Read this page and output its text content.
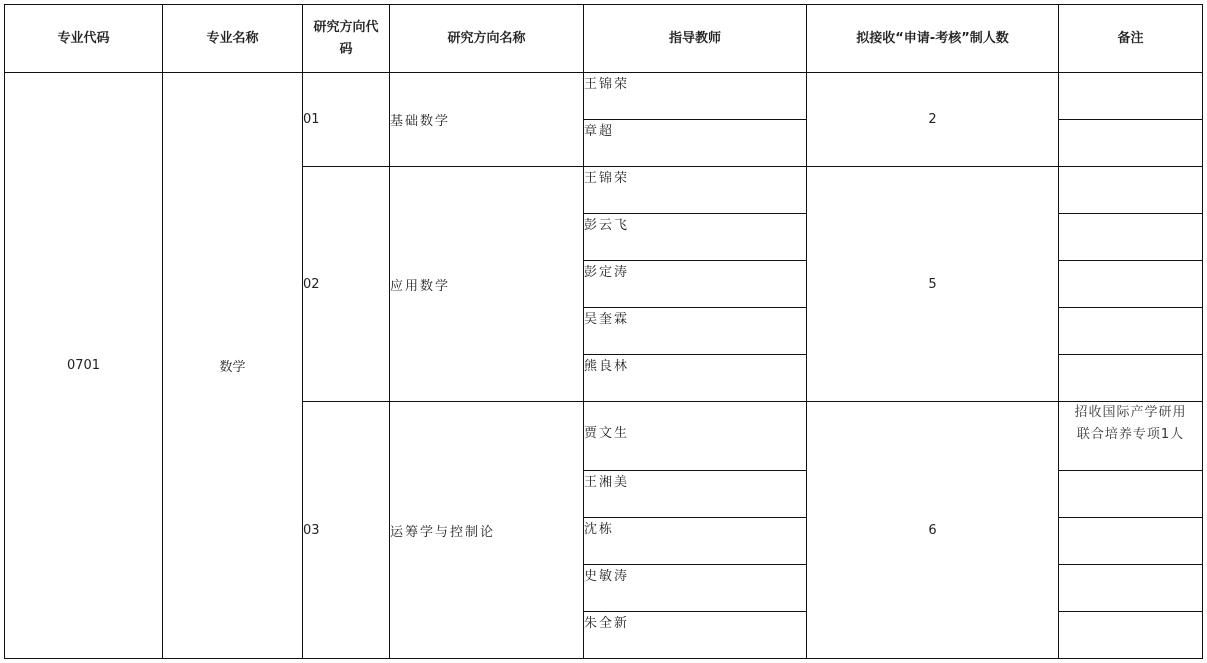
专业代码	专业名称	研究方向代码	研究方向名称	指导教师	拟接收“申请-考核”制人数	备注
0701	数学	01	基础数学	王锦荣	2	
				章超		
		02	应用数学	王锦荣	5	
				彭云飞		
				彭定涛		
				吴奎霖		
				熊良林		
		03	运筹学与控制论	贾文生	6	招收国际产学研用联合培养专项1人

				王湘美		
				沈栋		
				史敏涛		
				朱全新		
